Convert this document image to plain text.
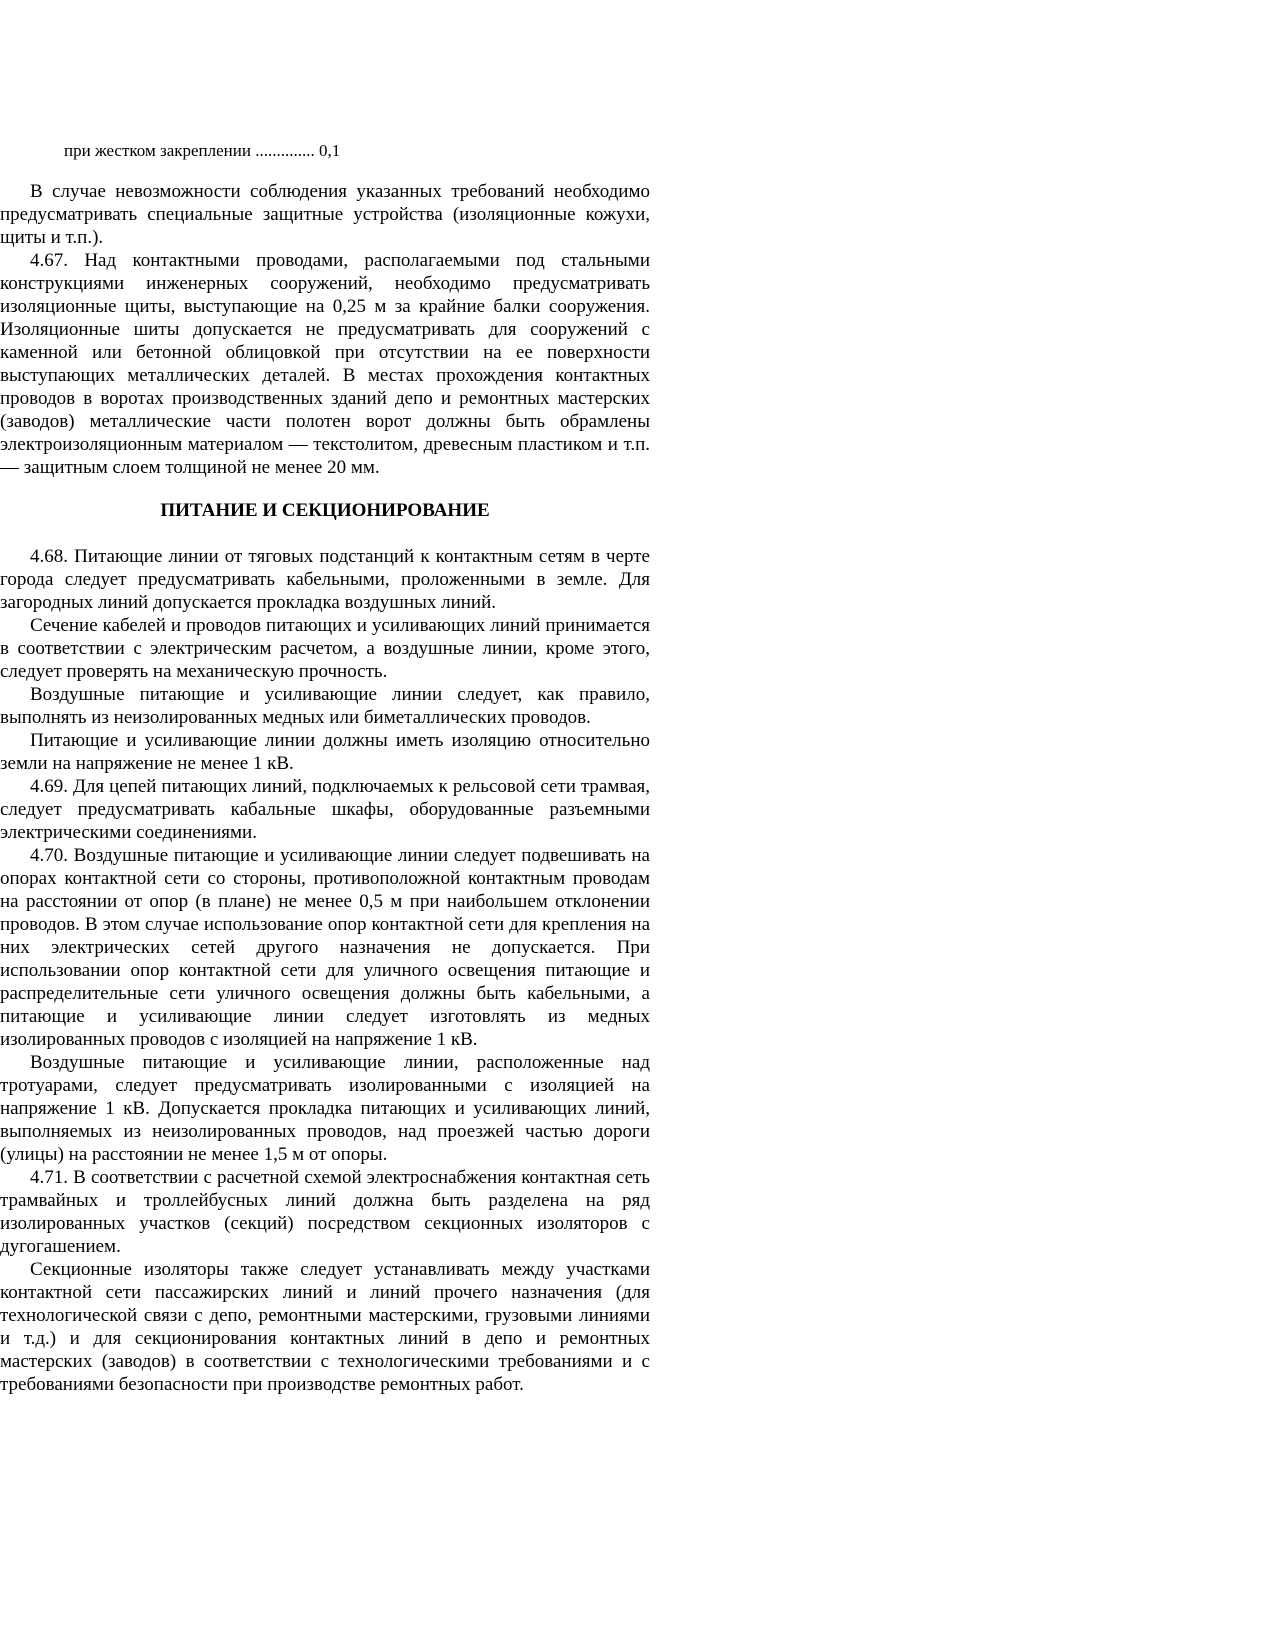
при жестком закреплении .............. 0,1

В случае невозможности соблюдения указанных требований необходимо предусматривать специальные защитные устройства (изоляционные кожухи, щиты и т.п.).

4.67. Над контактными проводами, располагаемыми под стальными конструкциями инженерных сооружений, необходимо предусматривать изоляционные щиты, выступающие на 0,25 м за крайние балки сооружения. Изоляционные шиты допускается не предусматривать для сооружений с каменной или бетонной облицовкой при отсутствии на ее поверхности выступающих металлических деталей. В местах прохождения контактных проводов в воротах производственных зданий депо и ремонтных мастерских (заводов) металлические части полотен ворот должны быть обрамлены электроизоляционным материалом — текстолитом, древесным пластиком и т.п. — защитным слоем толщиной не менее 20 мм.

ПИТАНИЕ И СЕКЦИОНИРОВАНИЕ

4.68. Питающие линии от тяговых подстанций к контактным сетям в черте города следует предусматривать кабельными, проложенными в земле. Для загородных линий допускается прокладка воздушных линий.

Сечение кабелей и проводов питающих и усиливающих линий принимается в соответствии с электрическим расчетом, а воздушные линии, кроме этого, следует проверять на механическую прочность.

Воздушные питающие и усиливающие линии следует, как правило, выполнять из неизолированных медных или биметаллических проводов.

Питающие и усиливающие линии должны иметь изоляцию относительно земли на напряжение не менее 1 кВ.

4.69. Для цепей питающих линий, подключаемых к рельсовой сети трамвая, следует предусматривать кабальные шкафы, оборудованные разъемными электрическими соединениями.

4.70. Воздушные питающие и усиливающие линии следует подвешивать на опорах контактной сети со стороны, противоположной контактным проводам на расстоянии от опор (в плане) не менее 0,5 м при наибольшем отклонении проводов. В этом случае использование опор контактной сети для крепления на них электрических сетей другого назначения не допускается. При использовании опор контактной сети для уличного освещения питающие и распределительные сети уличного освещения должны быть кабельными, а питающие и усиливающие линии следует изготовлять из медных изолированных проводов с изоляцией на напряжение 1 кВ.

Воздушные питающие и усиливающие линии, расположенные над тротуарами, следует предусматривать изолированными с изоляцией на напряжение 1 кВ. Допускается прокладка питающих и усиливающих линий, выполняемых из неизолированных проводов, над проезжей частью дороги (улицы) на расстоянии не менее 1,5 м от опоры.

4.71. В соответствии с расчетной схемой электроснабжения контактная сеть трамвайных и троллейбусных линий должна быть разделена на ряд изолированных участков (секций) посредством секционных изоляторов с дугогашением.

Секционные изоляторы также следует устанавливать между участками контактной сети пассажирских линий и линий прочего назначения (для технологической связи с депо, ремонтными мастерскими, грузовыми линиями и т.д.) и для секционирования контактных линий в депо и ремонтных мастерских (заводов) в соответствии с технологическими требованиями и с требованиями безопасности при производстве ремонтных работ.
